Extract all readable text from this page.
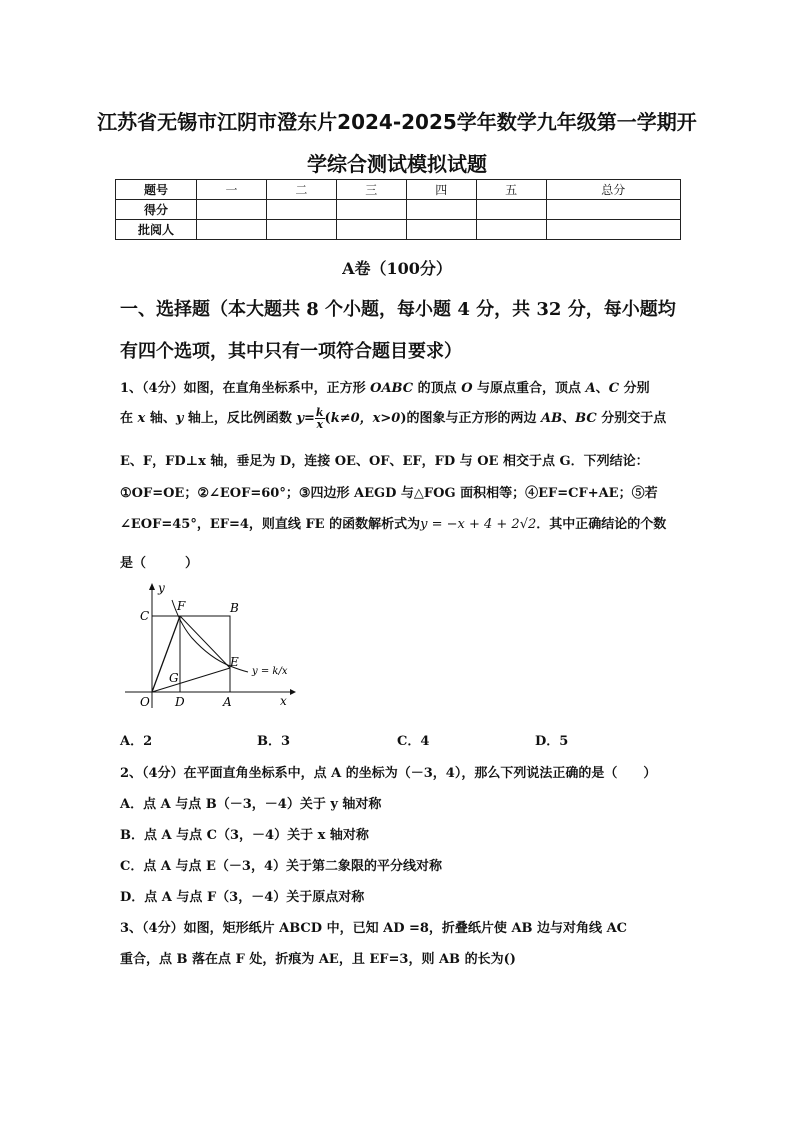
江苏省无锡市江阴市澄东片2024-2025学年数学九年级第一学期开
学综合测试模拟试题
题号	一	二	三	四	五	总分
得分						
批阅人						
A卷（100分）
一、选择题（本大题共 8 个小题，每小题 4 分，共 32 分，每小题均
有四个选项，其中只有一项符合题目要求）
1、（4分）如图，在直角坐标系中，正方形 OABC 的顶点 O 与原点重合，顶点 A、C 分别
在 x 轴、y 轴上，反比例函数 $y= \frac{k}{x} (k\ne 0$，x>0)的图象与正方形的两边 AB、BC 分别交于点
E、F，FD⊥x 轴，垂足为 D，连接 OE、OF、EF，FD 与 OE 相交于点 G．下列结论：
①OF=OE；②∠EOF=60°；③四边形 AEGD 与△FOG 面积相等；④EF=CF+AE；⑤若
∠EOF=45°，EF=4，则直线 FE 的函数解析式为y = −x + 4 + 2√2．其中正确结论的个数
是（　　　）
y
x
C
F	B
G
E
O D	A
y = k/x
A．2	B．3	C．4	D．5
2、（4分）在平面直角坐标系中，点 A 的坐标为（－3，4），那么下列说法正确的是（　　）
A．点 A 与点 B（－3，－4）关于 y 轴对称
B．点 A 与点 C（3，－4）关于 x 轴对称
C．点 A 与点 E（－3，4）关于第二象限的平分线对称
D．点 A 与点 F（3，－4）关于原点对称
3、（4分）如图，矩形纸片 ABCD 中，已知 AD =8，折叠纸片使 AB 边与对角线 AC
重合，点 B 落在点 F 处，折痕为 AE，且 EF=3，则 AB 的长为()
